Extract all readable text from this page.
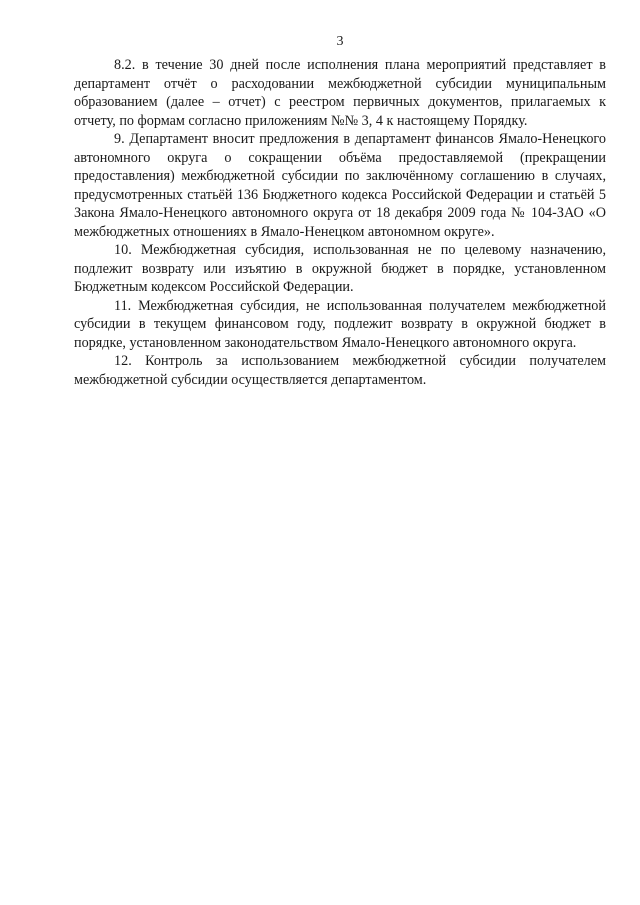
3

8.2. в течение 30 дней после исполнения плана мероприятий представляет в департамент отчёт о расходовании межбюджетной субсидии муниципальным образованием (далее – отчет) с реестром первичных документов, прилагаемых к отчету, по формам согласно приложениям №№ 3, 4 к настоящему Порядку.

9. Департамент вносит предложения в департамент финансов Ямало-Ненецкого автономного округа о сокращении объёма предоставляемой (прекращении предоставления) межбюджетной субсидии по заключённому соглашению в случаях, предусмотренных статьёй 136 Бюджетного кодекса Российской Федерации и статьёй 5 Закона Ямало-Ненецкого автономного округа от 18 декабря 2009 года № 104-ЗАО «О межбюджетных отношениях в Ямало-Ненецком автономном округе».

10. Межбюджетная субсидия, использованная не по целевому назначению, подлежит возврату или изъятию в окружной бюджет в порядке, установленном Бюджетным кодексом Российской Федерации.

11. Межбюджетная субсидия, не использованная получателем межбюджетной субсидии в текущем финансовом году, подлежит возврату в окружной бюджет в порядке, установленном законодательством Ямало-Ненецкого автономного округа.

12. Контроль за использованием межбюджетной субсидии получателем межбюджетной субсидии осуществляется департаментом.
